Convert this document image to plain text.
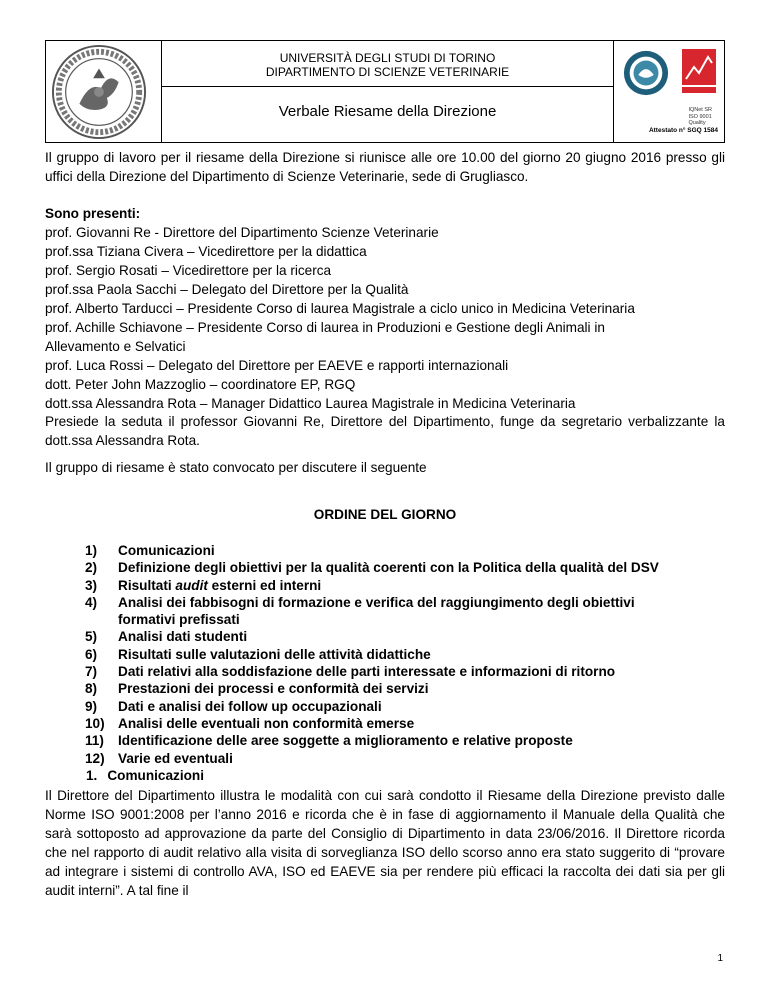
UNIVERSITÀ DEGLI STUDI DI TORINO
DIPARTIMENTO DI SCIENZE VETERINARIE
Verbale Riesame della Direzione	IQNet SR
ISO 9001
Quality
Attestato n° SGQ 1584
Il gruppo di lavoro per il riesame della Direzione si riunisce alle ore 10.00 del giorno 20 giugno 2016 presso gli uffici della Direzione del Dipartimento di Scienze Veterinarie, sede di Grugliasco.
Sono presenti:
prof. Giovanni Re - Direttore del Dipartimento Scienze Veterinarie
prof.ssa Tiziana Civera – Vicedirettore per la didattica
prof. Sergio Rosati – Vicedirettore per la ricerca
prof.ssa Paola Sacchi – Delegato del Direttore per la Qualità
prof. Alberto Tarducci – Presidente Corso di laurea Magistrale a ciclo unico in Medicina Veterinaria
prof. Achille Schiavone – Presidente Corso di laurea in Produzioni e Gestione degli Animali in
Allevamento e Selvatici
prof. Luca Rossi – Delegato del Direttore per EAEVE e rapporti internazionali
dott. Peter John Mazzoglio – coordinatore EP, RGQ
dott.ssa Alessandra Rota – Manager Didattico Laurea Magistrale in Medicina Veterinaria
Presiede la seduta il professor Giovanni Re, Direttore del Dipartimento, funge da segretario verbalizzante la dott.ssa Alessandra Rota.
Il gruppo di riesame è stato convocato per discutere il seguente
ORDINE DEL GIORNO
1) Comunicazioni
2) Definizione degli obiettivi per la qualità coerenti con la Politica della qualità del DSV
3) Risultati audit esterni ed interni
4) Analisi dei fabbisogni di formazione e verifica del raggiungimento degli obiettivi
formativi prefissati
5) Analisi dati studenti
6) Risultati sulle valutazioni delle attività didattiche
7) Dati relativi alla soddisfazione delle parti interessate e informazioni di ritorno
8) Prestazioni dei processi e conformità dei servizi
9) Dati e analisi dei follow up occupazionali
10) Analisi delle eventuali non conformità emerse
11) Identificazione delle aree soggette a miglioramento e relative proposte
12) Varie ed eventuali
1. Comunicazioni
Il Direttore del Dipartimento illustra le modalità con cui sarà condotto il Riesame della Direzione previsto dalle Norme ISO 9001:2008 per l’anno 2016 e ricorda che è in fase di aggiornamento il Manuale della Qualità che sarà sottoposto ad approvazione da parte del Consiglio di Dipartimento in data 23/06/2016. Il Direttore ricorda che nel rapporto di audit relativo alla visita di sorveglianza ISO dello scorso anno era stato suggerito di “provare ad integrare i sistemi di controllo AVA, ISO ed EAEVE sia per rendere più efficaci la raccolta dei dati sia per gli audit interni”. A tal fine il
1
